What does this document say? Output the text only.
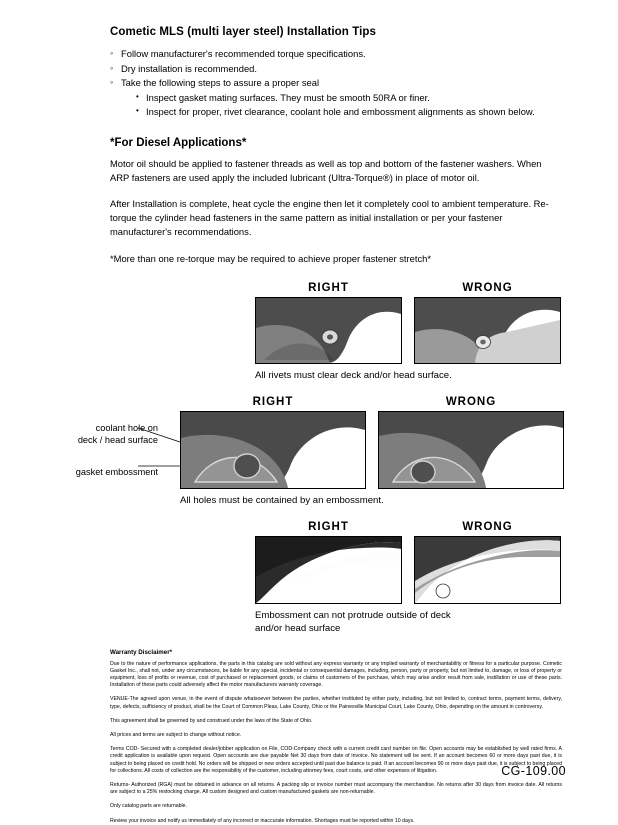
Cometic MLS (multi layer steel) Installation Tips
◦ Follow manufacturer's recommended torque specifications.
◦ Dry installation is recommended.
◦ Take the following steps to assure a proper seal
• Inspect gasket mating surfaces. They must be smooth 50RA or finer.
• Inspect for proper, rivet clearance, coolant hole and embossment alignments as shown below.
*For Diesel Applications*

Motor oil should be applied to fastener threads as well as top and bottom of the fastener washers. When ARP fasteners are used apply the included lubricant (Ultra-Torque®) in place of motor oil.

After Installation is complete, heat cycle the engine then let it completely cool to ambient temperature. Re-torque the cylinder head fasteners in the same pattern as initial installation or per your fastener manufacturer's recommendations.

*More than one re-torque may be required to achieve proper fastener stretch*

RIGHT	WRONG
All rivets must clear deck and/or head surface.
coolant hole on
deck / head surface
gasket embossment
RIGHT	WRONG
All holes must be contained by an embossment.
RIGHT	WRONG
Embossment can not protrude outside of deck
and/or head surface
Warranty Disclaimer*

Due to the nature of performance applications, the parts in this catalog are sold without any express warranty or any implied warranty of merchantability or fitness for a particular purpose. Cometic Gasket Inc., shall not, under any circumstances, be liable for any special, incidental or consequential damages, including, person, party or property, but not limited to, damage, or loss of property or equipment, loss of profits or revenue, cost of purchased or replacement goods, or claims of customers of the purchase, which may arise and/or result from sale, instillation or use of these parts. Installation of these parts could adversely affect the motor manufacturers warranty coverage.

VENUE-The agreed upon venue, in the event of dispute whatsoever between the parties, whether instituted by either party, including, but not limited to, contract terms, payment terms, delivery, type, defects, sufficiency of product, shall be the Court of Common Pleas, Lake County, Ohio or the Painesville Municipal Court, Lake County, Ohio, depending on the amount in controversy.

This agreement shall be governed by and construed under the laws of the State of Ohio.

All prices and terms are subject to change without notice.

Terms COD- Secured with a completed dealer/jobber application on File, COD-Company check with a current credit card number on file. Open accounts may be established by well rated firms. A credit application is available upon request. Open accounts are due payable Net 30 days from date of invoice. No statement will be sent. If an account becomes 60 or more days past due, it is subject to being placed on credit hold. No orders will be shipped or new orders accepted until past due balance is paid. If an account becomes 90 or more days past due, it is subject to being placed for collections. All costs of collection are the responsibility of the customer, including attorney fees, court costs, and other expenses of litigation.

Returns- Authorized (RGA) must be obtained in advance on all returns. A packing slip or invoice number must accompany the merchandise. No returns after 30 days from invoice date. All returns are subject to a 25% restocking charge. All custom designed and custom manufactured gaskets are non-returnable.

Only catalog parts are returnable.

Review your invoice and notify us immediately of any incorrect or inaccurate information. Shortages must be reported within 10 days.

CG-109.00
